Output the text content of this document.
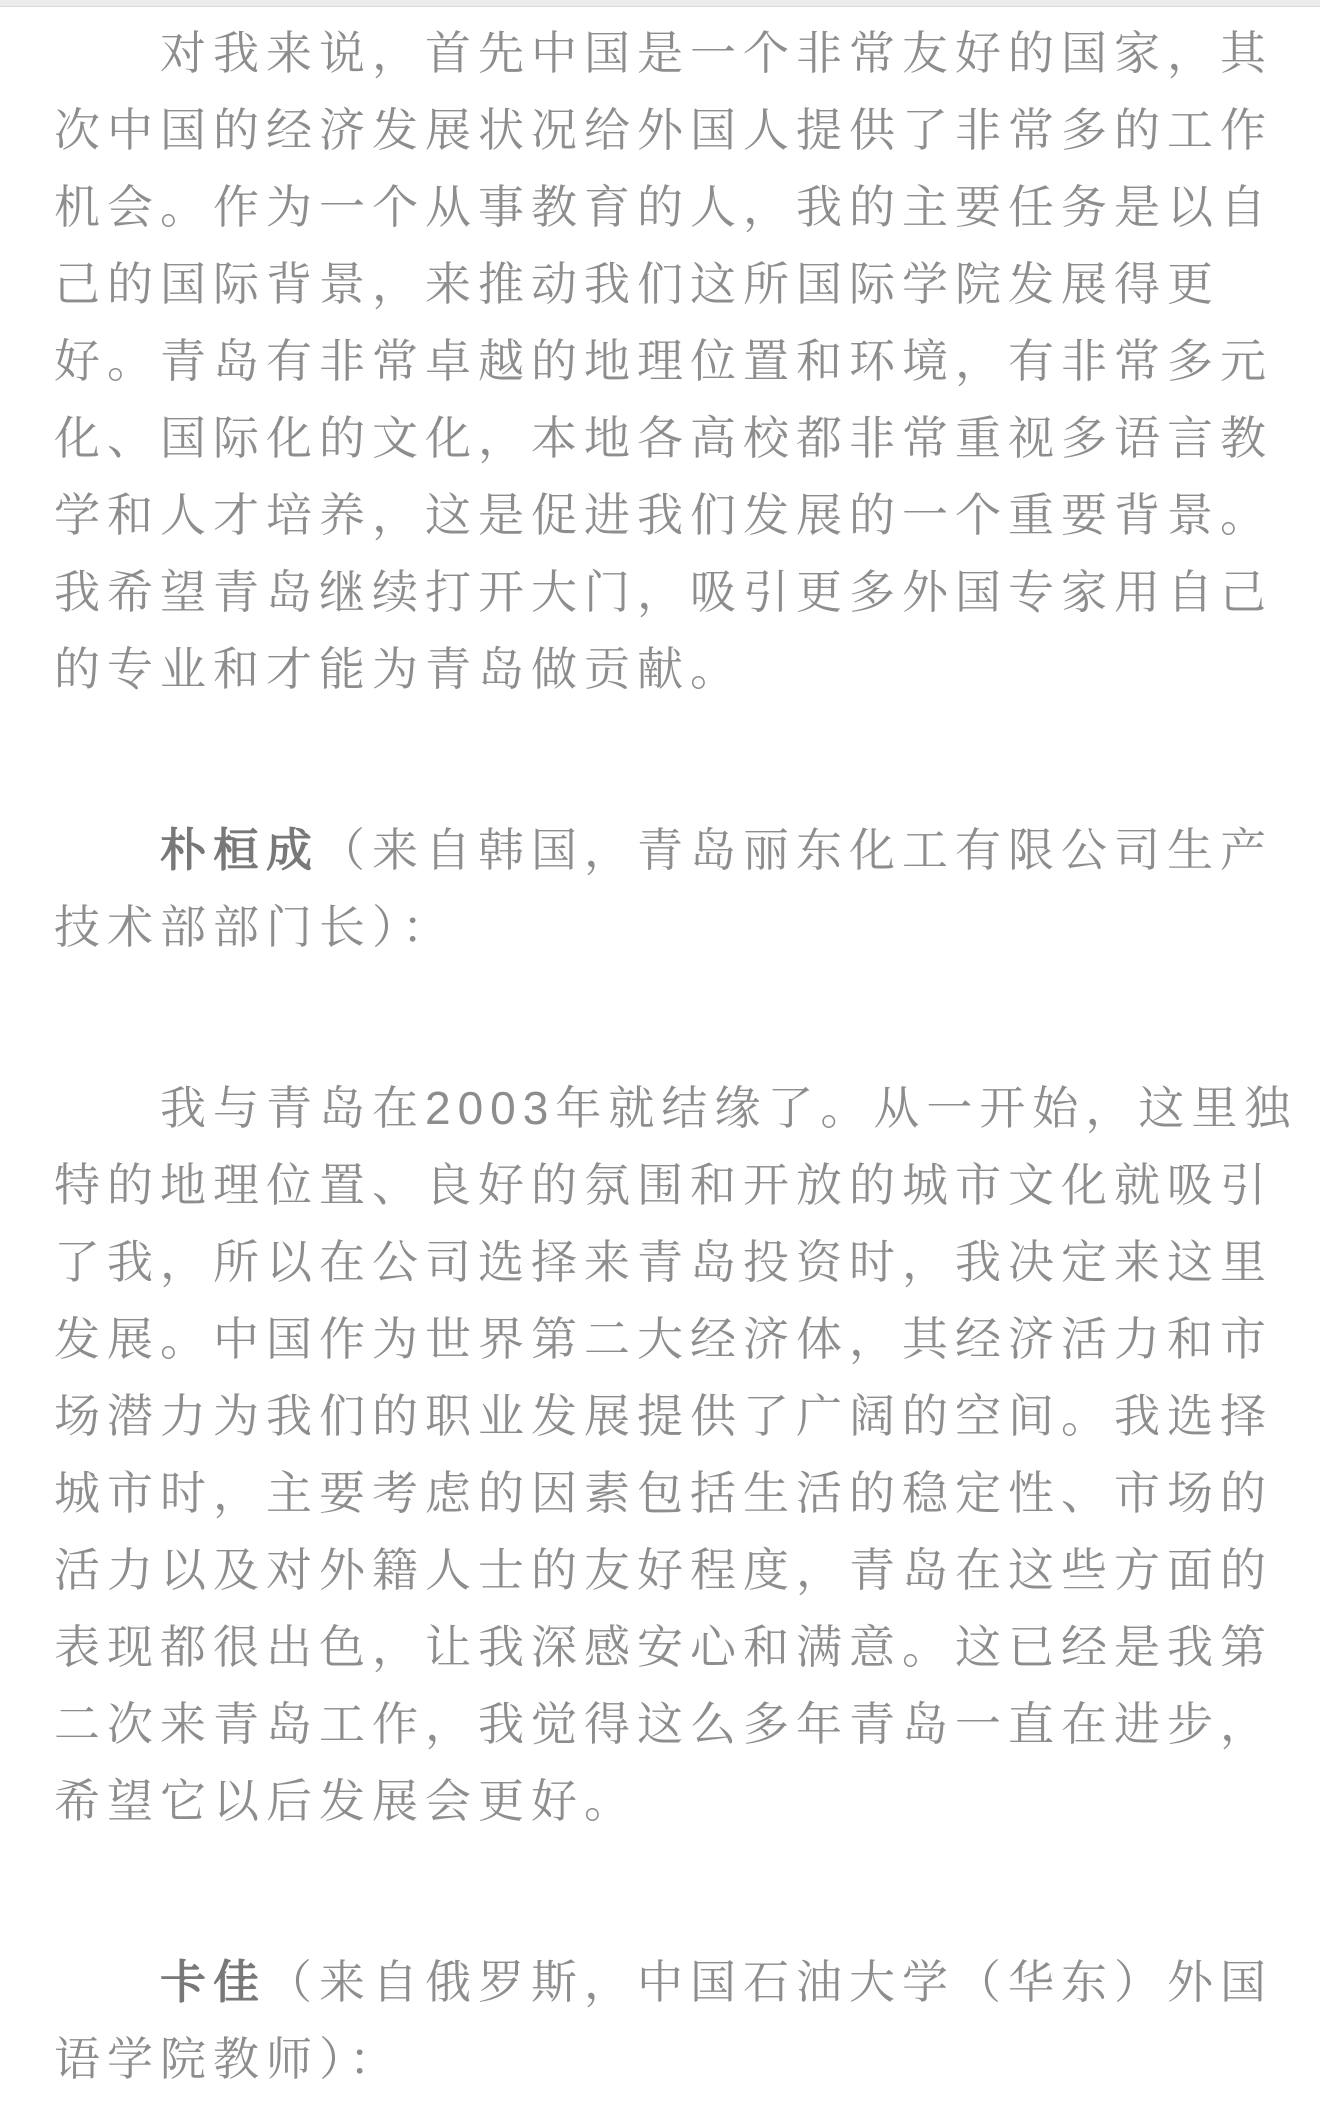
对我来说，首先中国是一个非常友好的国家，其
次中国的经济发展状况给外国人提供了非常多的工作
机会。作为一个从事教育的人，我的主要任务是以自
己的国际背景，来推动我们这所国际学院发展得更
好。青岛有非常卓越的地理位置和环境，有非常多元
化、国际化的文化，本地各高校都非常重视多语言教
学和人才培养，这是促进我们发展的一个重要背景。
我希望青岛继续打开大门，吸引更多外国专家用自己
的专业和才能为青岛做贡献。
朴桓成（来自韩国，青岛丽东化工有限公司生产
技术部部门长）：
我与青岛在2003年就结缘了。从一开始，这里独
特的地理位置、良好的氛围和开放的城市文化就吸引
了我，所以在公司选择来青岛投资时，我决定来这里
发展。中国作为世界第二大经济体，其经济活力和市
场潜力为我们的职业发展提供了广阔的空间。我选择
城市时，主要考虑的因素包括生活的稳定性、市场的
活力以及对外籍人士的友好程度，青岛在这些方面的
表现都很出色，让我深感安心和满意。这已经是我第
二次来青岛工作，我觉得这么多年青岛一直在进步，
希望它以后发展会更好。
卡佳（来自俄罗斯，中国石油大学（华东）外国
语学院教师）：
